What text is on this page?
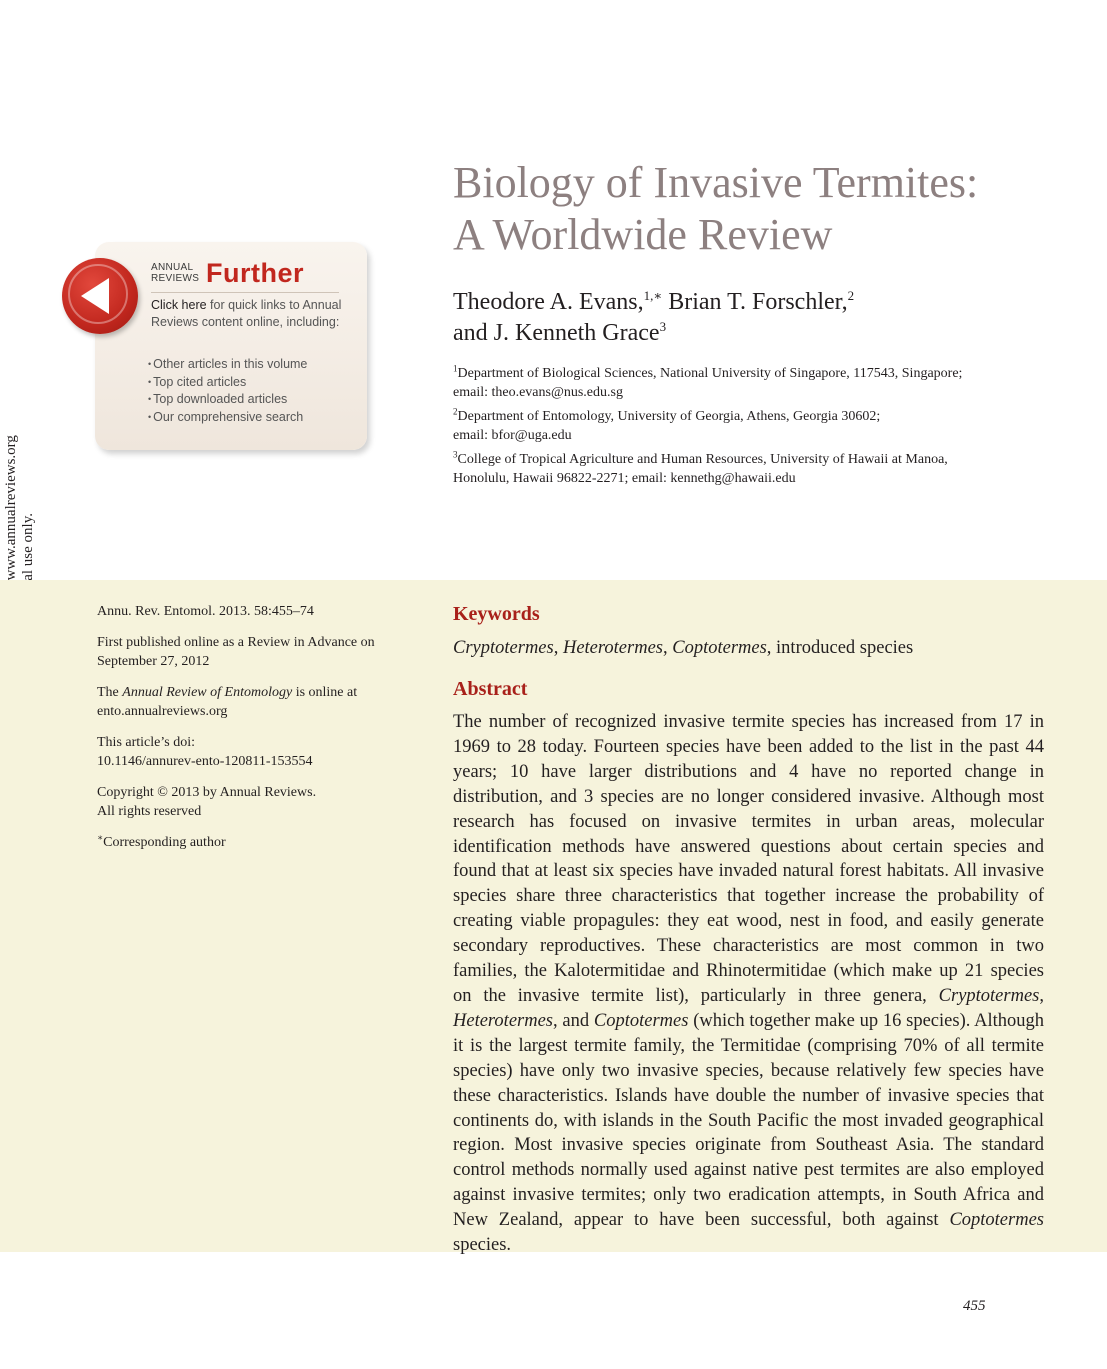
ANNUAL
REVIEWS Further
Click here for quick links to Annual Reviews content online, including:
• Other articles in this volume
• Top cited articles
• Top downloaded articles
• Our comprehensive search
Biology of Invasive Termites:
A Worldwide Review
Theodore A. Evans,$^{1,∗}$ Brian T. Forschler,$^2$
and J. Kenneth Grace$^3$

$^1$Department of Biological Sciences, National University of Singapore, 117543, Singapore;
email: theo.evans@nus.edu.sg

$^2$Department of Entomology, University of Georgia, Athens, Georgia 30602;
email: bfor@uga.edu

$^3$College of Tropical Agriculture and Human Resources, University of Hawaii at Manoa,
Honolulu, Hawaii 96822-2271; email: kennethg@hawaii.edu

Annu. Rev. Entomol. 2013. 58:455–74

First published online as a Review in Advance on September 27, 2012

The Annual Review of Entomology is online at ento.annualreviews.org

This article’s doi:
10.1146/annurev-ento-120811-153554

Copyright © 2013 by Annual Reviews.
All rights reserved

∗Corresponding author

Keywords
Cryptotermes, Heterotermes, Coptotermes, introduced species
Abstract

The number of recognized invasive termite species has increased from 17 in 1969 to 28 today. Fourteen species have been added to the list in the past 44 years; 10 have larger distributions and 4 have no reported change in distribution, and 3 species are no longer considered invasive. Although most research has focused on invasive termites in urban areas, molecular identification methods have answered questions about certain species and found that at least six species have invaded natural forest habitats. All invasive species share three characteristics that together increase the probability of creating viable propagules: they eat wood, nest in food, and easily generate secondary reproductives. These characteristics are most common in two families, the Kalotermitidae and Rhinotermitidae (which make up 21 species on the invasive termite list), particularly in three genera, Cryptotermes, Heterotermes, and Coptotermes (which together make up 16 species). Although it is the largest termite family, the Termitidae (comprising 70% of all termite species) have only two invasive species, because relatively few species have these characteristics. Islands have double the number of invasive species that continents do, with islands in the South Pacific the most invaded geographical region. Most invasive species originate from Southeast Asia. The standard control methods normally used against native pest termites are also employed against invasive termites; only two eradication attempts, in South Africa and New Zealand, appear to have been successful, both against Coptotermes species.

455
